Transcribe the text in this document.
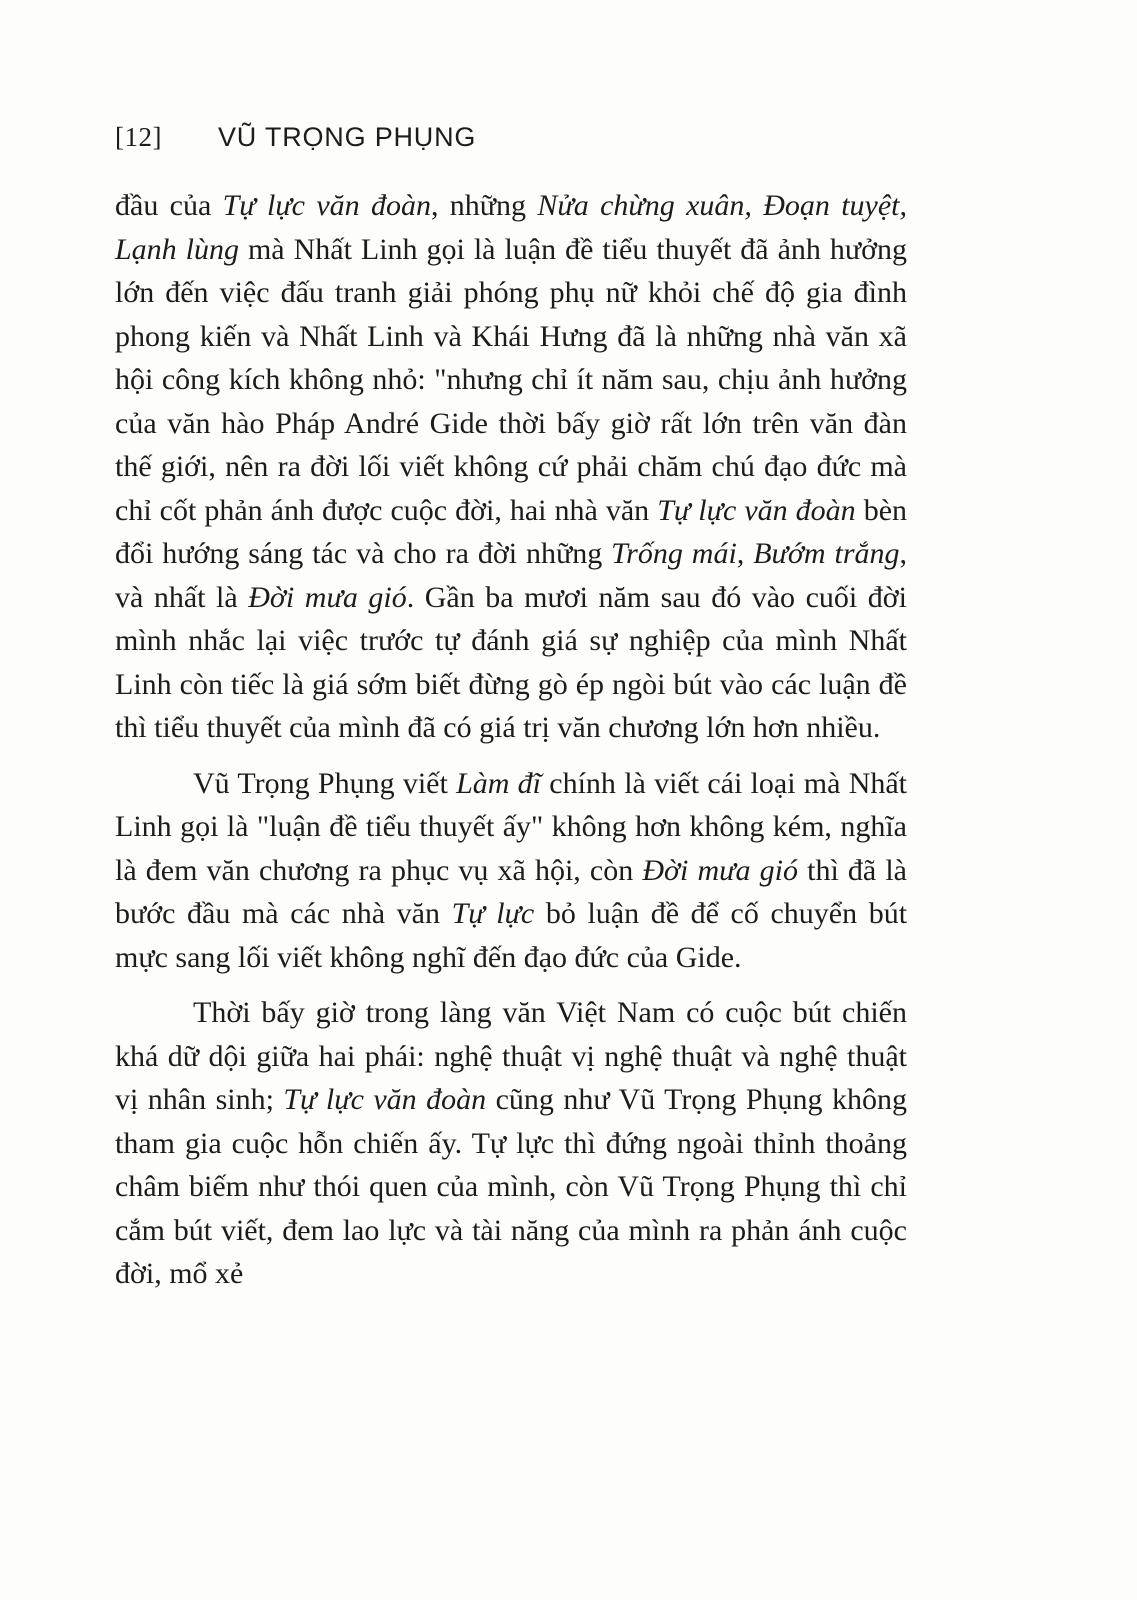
[12] VŨ TRỌNG PHỤNG

đầu của Tự lực văn đoàn, những Nửa chừng xuân, Đoạn tuyệt, Lạnh lùng mà Nhất Linh gọi là luận đề tiểu thuyết đã ảnh hưởng lớn đến việc đấu tranh giải phóng phụ nữ khỏi chế độ gia đình phong kiến và Nhất Linh và Khái Hưng đã là những nhà văn xã hội công kích không nhỏ: "nhưng chỉ ít năm sau, chịu ảnh hưởng của văn hào Pháp André Gide thời bấy giờ rất lớn trên văn đàn thế giới, nên ra đời lối viết không cứ phải chăm chú đạo đức mà chỉ cốt phản ánh được cuộc đời, hai nhà văn Tự lực văn đoàn bèn đổi hướng sáng tác và cho ra đời những Trống mái, Bướm trắng, và nhất là Đời mưa gió. Gần ba mươi năm sau đó vào cuối đời mình nhắc lại việc trước tự đánh giá sự nghiệp của mình Nhất Linh còn tiếc là giá sớm biết đừng gò ép ngòi bút vào các luận đề thì tiểu thuyết của mình đã có giá trị văn chương lớn hơn nhiều.

Vũ Trọng Phụng viết Làm đĩ chính là viết cái loại mà Nhất Linh gọi là "luận đề tiểu thuyết ấy" không hơn không kém, nghĩa là đem văn chương ra phục vụ xã hội, còn Đời mưa gió thì đã là bước đầu mà các nhà văn Tự lực bỏ luận đề để cố chuyển bút mực sang lối viết không nghĩ đến đạo đức của Gide.

Thời bấy giờ trong làng văn Việt Nam có cuộc bút chiến khá dữ dội giữa hai phái: nghệ thuật vị nghệ thuật và nghệ thuật vị nhân sinh; Tự lực văn đoàn cũng như Vũ Trọng Phụng không tham gia cuộc hỗn chiến ấy. Tự lực thì đứng ngoài thỉnh thoảng châm biếm như thói quen của mình, còn Vũ Trọng Phụng thì chỉ cắm bút viết, đem lao lực và tài năng của mình ra phản ánh cuộc đời, mổ xẻ
